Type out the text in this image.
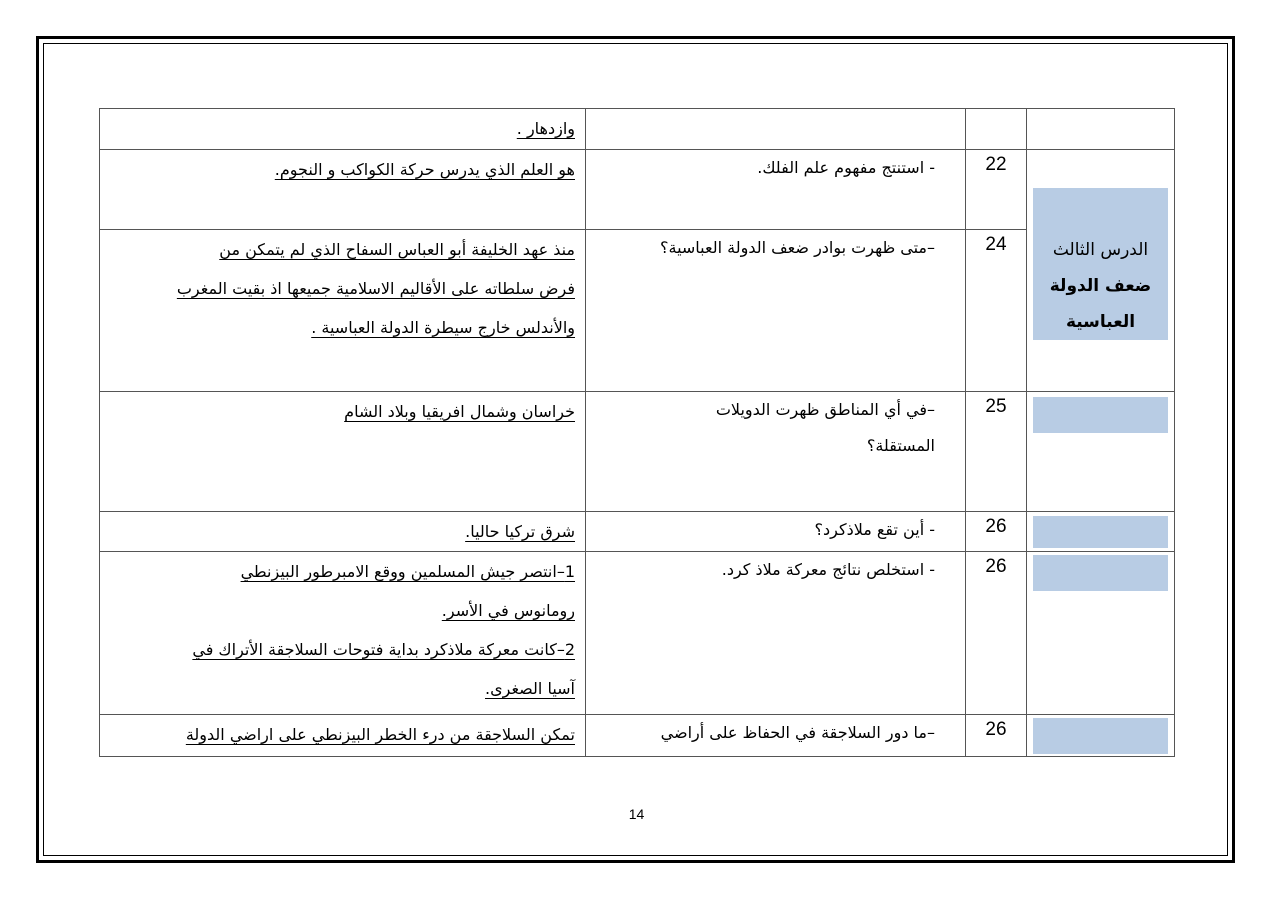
			وازدهار .

الدرس الثالث
ضعف الدولة
العباسية	22	- استنتج مفهوم علم الفلك.	هو العلم الذي يدرس حركة الكواكب و النجوم.

	24	–متى ظهرت بوادر ضعف الدولة العباسية؟	منذ عهد الخليفة أبو العباس السفاح الذي لم يتمكن من
فرض سلطاته على الأقاليم الاسلامية جميعها اذ بقيت المغرب
والأندلس خارج سيطرة الدولة العباسية .

	25	–في أي المناطق ظهرت الدويلات المستقلة؟	خراسان وشمال افريقيا وبلاد الشام

	26	- أين تقع ملاذكرد؟	شرق تركيا حاليا.

	26	- استخلص نتائج معركة ملاذ كرد.	1–انتصر جيش المسلمين ووقع الامبرطور البيزنطي
رومانوس في الأسر.
2–كانت معركة ملاذكرد بداية فتوحات السلاجقة الأتراك في
آسيا الصغرى.

	26	–ما دور السلاجقة في الحفاظ على أراضي	تمكن السلاجقة من درء الخطر البيزنطي على اراضي الدولة
14
